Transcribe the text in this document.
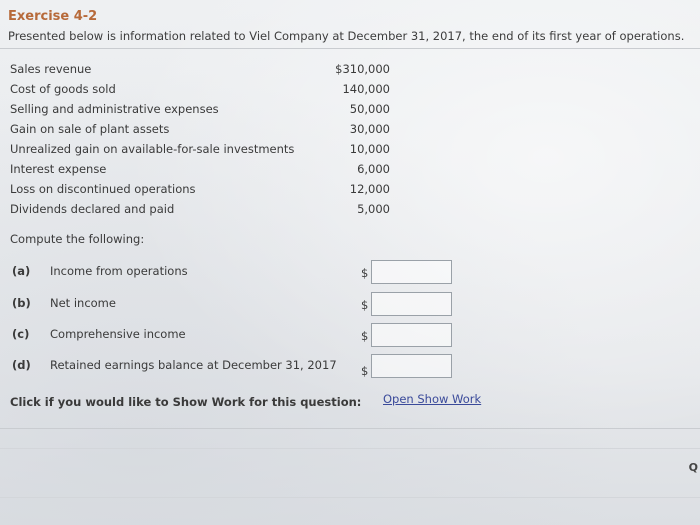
Exercise 4-2
Presented below is information related to Viel Company at December 31, 2017, the end of its first year of operations.
Sales revenue	$310,000
Cost of goods sold	140,000
Selling and administrative expenses	50,000
Gain on sale of plant assets	30,000
Unrealized gain on available-for-sale investments	10,000
Interest expense	6,000
Loss on discontinued operations	12,000
Dividends declared and paid	5,000
Compute the following:
(a)	Income from operations	$
(b)	Net income	$
(c)	Comprehensive income	$
(d)	Retained earnings balance at December 31, 2017 $
Click if you would like to Show Work for this question: Open Show Work
Q
